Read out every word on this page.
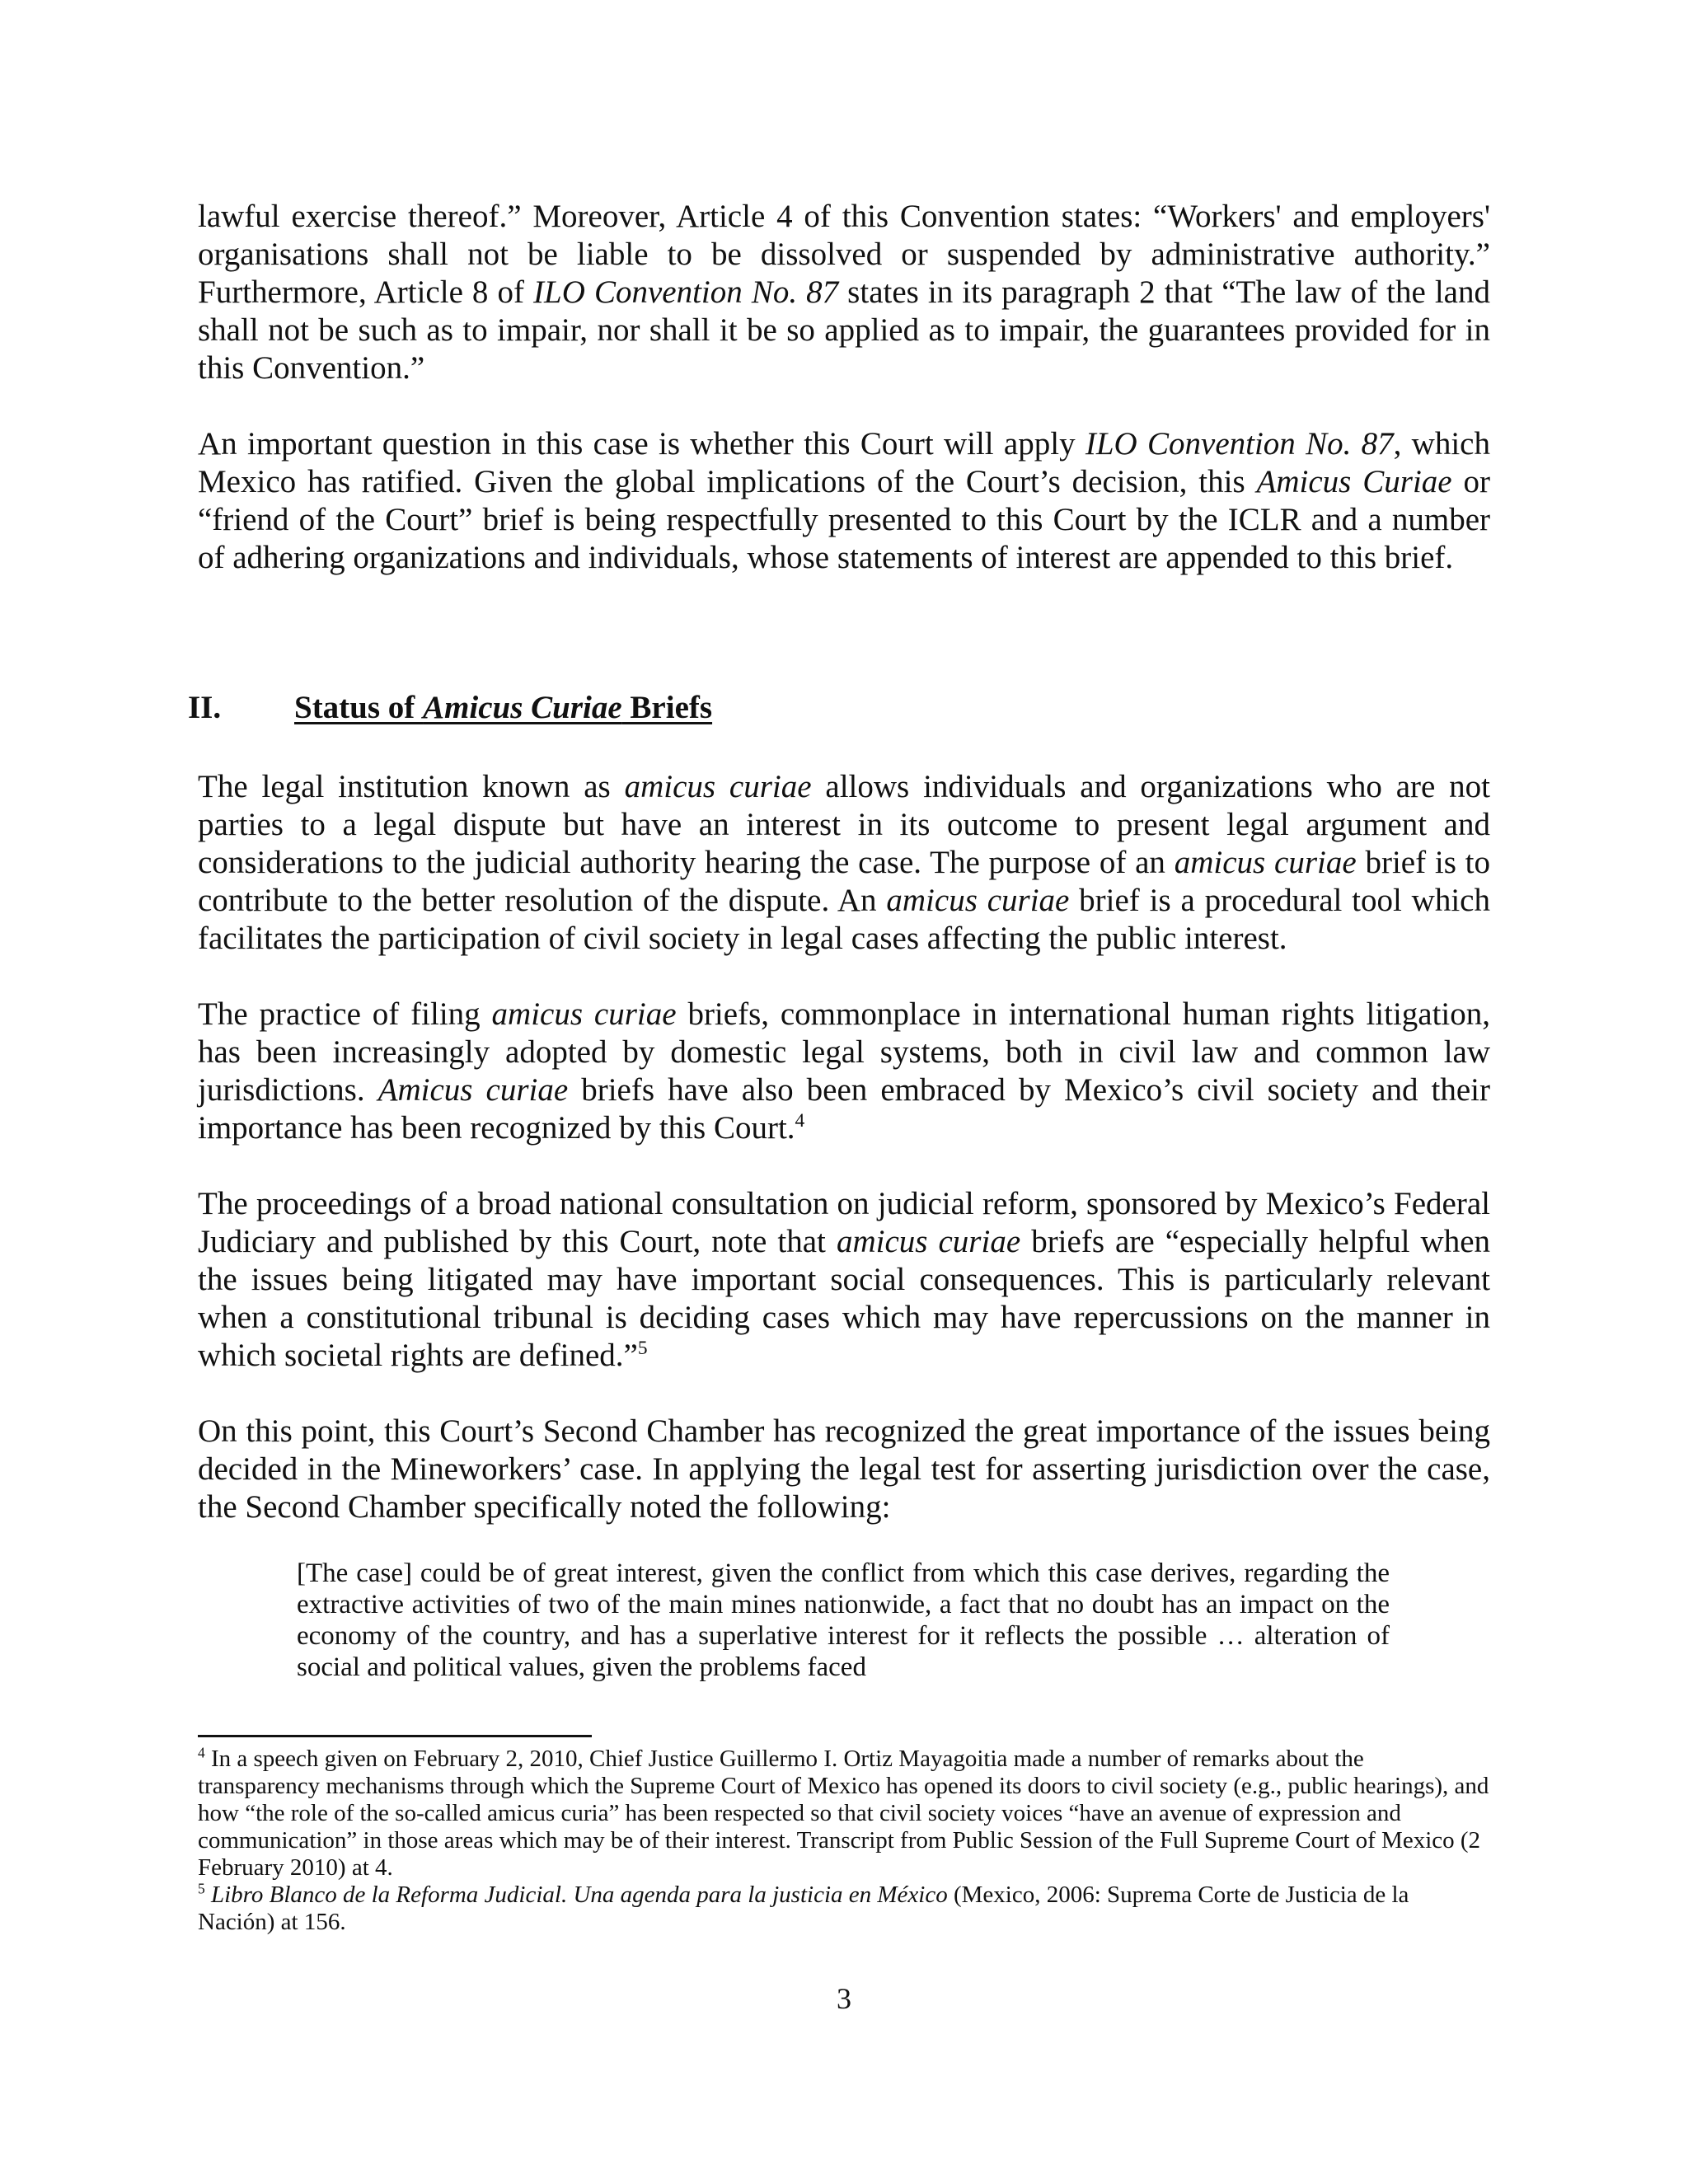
lawful exercise thereof.” Moreover, Article 4 of this Convention states: “Workers' and employers' organisations shall not be liable to be dissolved or suspended by administrative authority.” Furthermore, Article 8 of ILO Convention No. 87 states in its paragraph 2 that “The law of the land shall not be such as to impair, nor shall it be so applied as to impair, the guarantees provided for in this Convention.”

An important question in this case is whether this Court will apply ILO Convention No. 87, which Mexico has ratified. Given the global implications of the Court’s decision, this Amicus Curiae or “friend of the Court” brief is being respectfully presented to this Court by the ICLR and a number of adhering organizations and individuals, whose statements of interest are appended to this brief.

II. Status of Amicus Curiae Briefs

The legal institution known as amicus curiae allows individuals and organizations who are not parties to a legal dispute but have an interest in its outcome to present legal argument and considerations to the judicial authority hearing the case. The purpose of an amicus curiae brief is to contribute to the better resolution of the dispute. An amicus curiae brief is a procedural tool which facilitates the participation of civil society in legal cases affecting the public interest.

The practice of filing amicus curiae briefs, commonplace in international human rights litigation, has been increasingly adopted by domestic legal systems, both in civil law and common law jurisdictions. Amicus curiae briefs have also been embraced by Mexico’s civil society and their importance has been recognized by this Court.$^4$

The proceedings of a broad national consultation on judicial reform, sponsored by Mexico’s Federal Judiciary and published by this Court, note that amicus curiae briefs are “especially helpful when the issues being litigated may have important social consequences. This is particularly relevant when a constitutional tribunal is deciding cases which may have repercussions on the manner in which societal rights are defined.”$^5$

On this point, this Court’s Second Chamber has recognized the great importance of the issues being decided in the Mineworkers’ case. In applying the legal test for asserting jurisdiction over the case, the Second Chamber specifically noted the following:

[The case] could be of great interest, given the conflict from which this case derives, regarding the extractive activities of two of the main mines nationwide, a fact that no doubt has an impact on the economy of the country, and has a superlative interest for it reflects the possible … alteration of social and political values, given the problems faced

$^4$ In a speech given on February 2, 2010, Chief Justice Guillermo I. Ortiz Mayagoitia made a number of remarks about the transparency mechanisms through which the Supreme Court of Mexico has opened its doors to civil society (e.g., public hearings), and how “the role of the so-called amicus curia” has been respected so that civil society voices “have an avenue of expression and communication” in those areas which may be of their interest. Transcript from Public Session of the Full Supreme Court of Mexico (2 February 2010) at 4.

$^5$ Libro Blanco de la Reforma Judicial. Una agenda para la justicia en México (Mexico, 2006: Suprema Corte de Justicia de la Nación) at 156.

3
